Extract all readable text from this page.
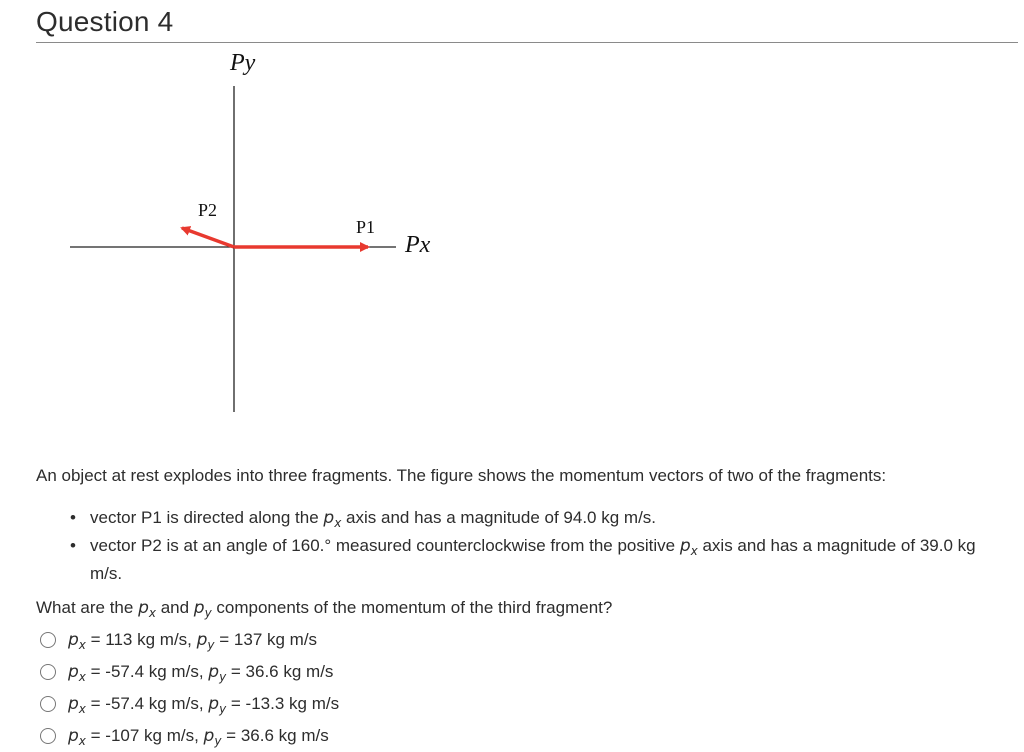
Question 4
Py
Px
P1
P2
An object at rest explodes into three fragments. The figure shows the momentum vectors of two of the fragments:
• vector P1 is directed along the $p_x$ axis and has a magnitude of 94.0 kg m/s.
• vector P2 is at an angle of 160.° measured counterclockwise from the positive $p_x$ axis and has a magnitude of 39.0 kg m/s.
What are the $p_x$ and $p_y$ components of the momentum of the third fragment?
$p_x = 113$ kg m/s, $p_y = 137$ kg m/s
$p_x = -57.4$ kg m/s, $p_y = 36.6$ kg m/s
$p_x = -57.4$ kg m/s, $p_y = -13.3$ kg m/s
$p_x = -107$ kg m/s, $p_y = 36.6$ kg m/s
